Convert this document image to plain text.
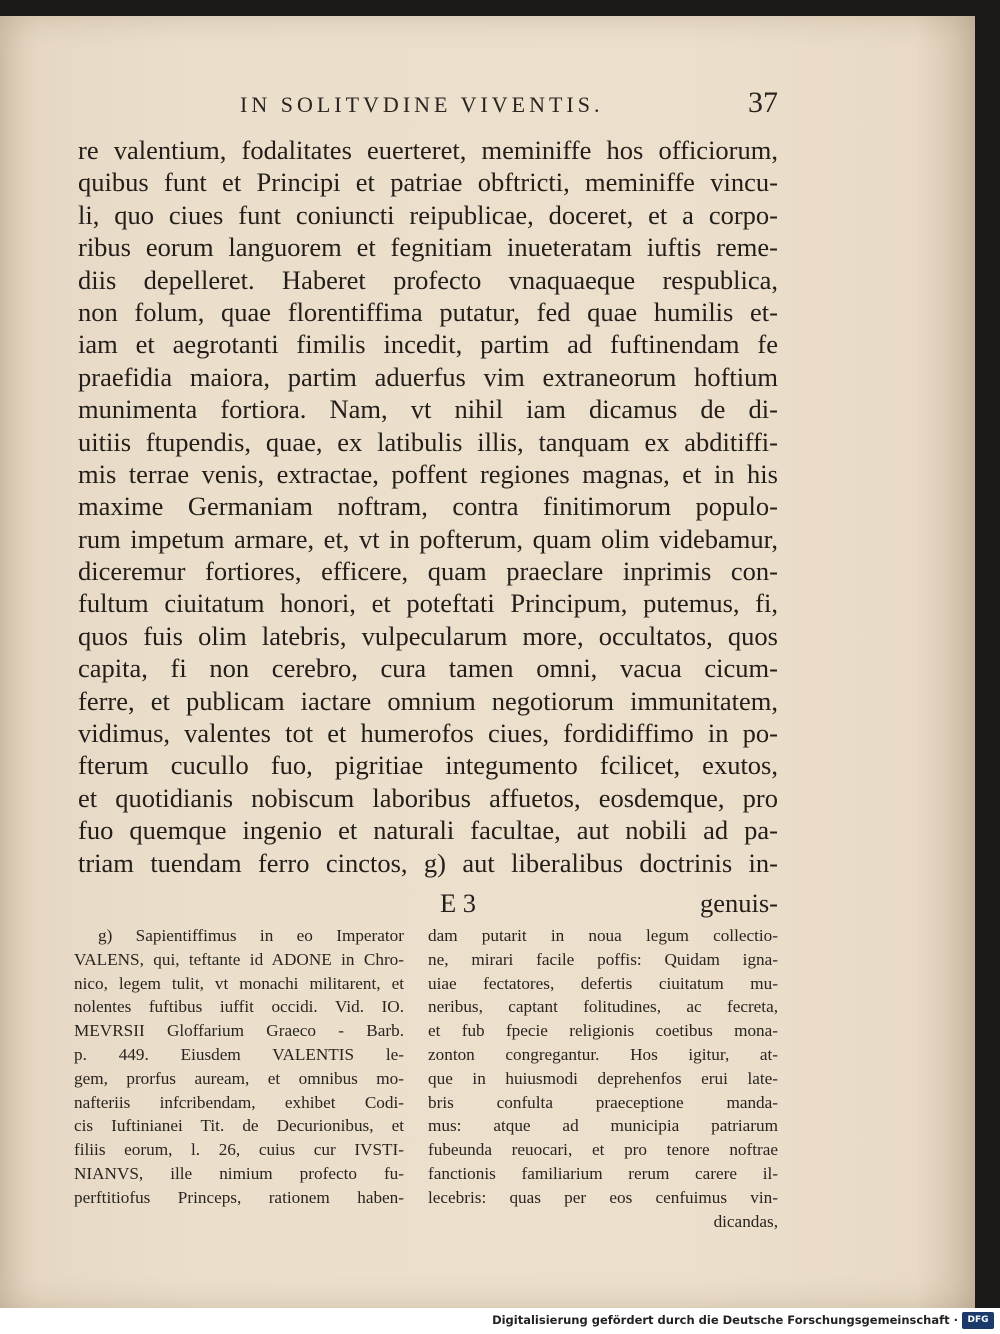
IN SOLITVDINE VIVENTIS.	37
re valentium, fodalitates euerteret, meminiffe hos officiorum,
quibus funt et Principi et patriae obftricti, meminiffe vincu-
li, quo ciues funt coniuncti reipublicae, doceret, et a corpo-
ribus eorum languorem et fegnitiam inueteratam iuftis reme-
diis depelleret. Haberet profecto vnaquaeque respublica,
non folum, quae florentiffima putatur, fed quae humilis et-
iam et aegrotanti fimilis incedit, partim ad fuftinendam fe
praefidia maiora, partim aduerfus vim extraneorum hoftium
munimenta fortiora. Nam, vt nihil iam dicamus de di-
uitiis ftupendis, quae, ex latibulis illis, tanquam ex abditiffi-
mis terrae venis, extractae, poffent regiones magnas, et in his
maxime Germaniam noftram, contra finitimorum populo-
rum impetum armare, et, vt in pofterum, quam olim videbamur,
diceremur fortiores, efficere, quam praeclare inprimis con-
fultum ciuitatum honori, et poteftati Principum, putemus, fi,
quos fuis olim latebris, vulpecularum more, occultatos, quos
capita, fi non cerebro, cura tamen omni, vacua cicum-
ferre, et publicam iactare omnium negotiorum immunitatem,
vidimus, valentes tot et humerofos ciues, fordidiffimo in po-
fterum cucullo fuo, pigritiae integumento fcilicet, exutos,
et quotidianis nobiscum laboribus affuetos, eosdemque, pro
fuo quemque ingenio et naturali facultae, aut nobili ad pa-
triam tuendam ferro cinctos, g) aut liberalibus doctrinis in-
E 3	genuis-
g) Sapientiffimus in eo Imperator
VALENS, qui, teftante id ADONE in Chro-
nico, legem tulit, vt monachi militarent, et
nolentes fuftibus iuffit occidi. Vid. IO.
MEVRSII Gloffarium Graeco - Barb.
p. 449. Eiusdem VALENTIS le-
gem, prorfus auream, et omnibus mo-
nafteriis infcribendam, exhibet Codi-
cis Iuftinianei Tit. de Decurionibus, et
filiis eorum, l. 26, cuius cur IVSTI-
NIANVS, ille nimium profecto fu-
perftitiofus Princeps, rationem haben-
dam putarit in noua legum collectio-
ne, mirari facile poffis: Quidam igna-
uiae fectatores, defertis ciuitatum mu-
neribus, captant folitudines, ac fecreta,
et fub fpecie religionis coetibus mona-
zonton congregantur. Hos igitur, at-
que in huiusmodi deprehenfos erui late-
bris confulta praeceptione manda-
mus: atque ad municipia patriarum
fubeunda reuocari, et pro tenore noftrae
fanctionis familiarium rerum carere il-
lecebris: quas per eos cenfuimus vin-
dicandas,
Digitalisierung gefördert durch die Deutsche Forschungsgemeinschaft ·	DFG
